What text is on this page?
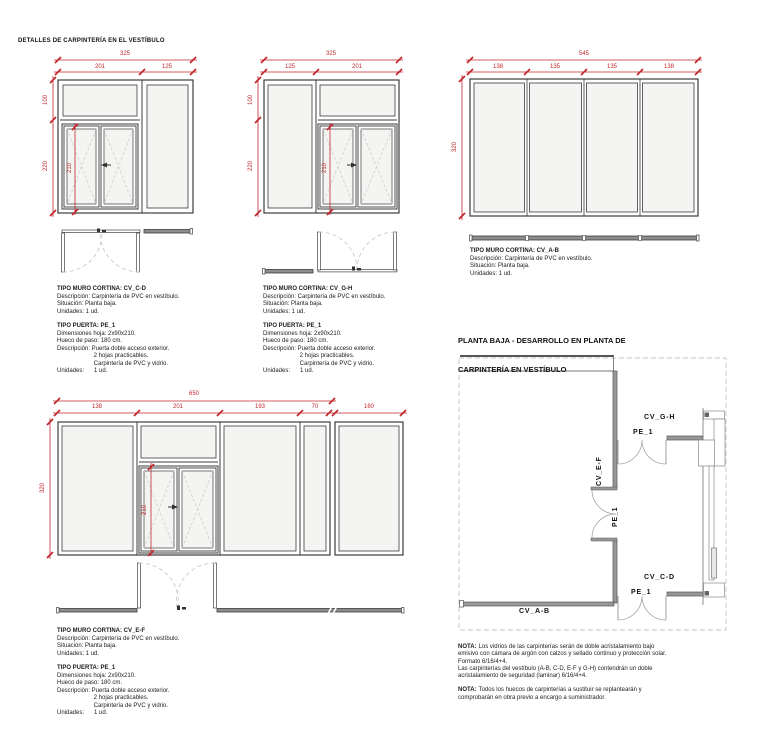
DETALLES DE CARPINTERÍA EN EL VESTÍBULO
325
201	125
100
220	210
325
125	201
100
220	210
545
138	135	135	138
320
650
138	201	193	70	160
320
210
TIPO MURO CORTINA: CV_C-D
Descripción: Carpintería de PVC en vestíbulo.
Situación: Planta baja.
Unidades: 1 ud.
TIPO PUERTA: PE_1
Dimensiones hoja: 2x90x210.
Hueco de paso: 180 cm.
Descripción: Puerta doble acceso exterior.
2 hojas practicables.
Carpintería de PVC y vidrio.
Unidades:      1 ud.
TIPO MURO CORTINA: CV_G-H
Descripción: Carpintería de PVC en vestíbulo.
Situación: Planta baja.
Unidades: 1 ud.
TIPO PUERTA: PE_1
Dimensiones hoja: 2x90x210.
Hueco de paso: 180 cm.
Descripción: Puerta doble acceso exterior.
2 hojas practicables.
Carpintería de PVC y vidrio.
Unidades:      1 ud.
TIPO MURO CORTINA: CV_A-B
Descripción: Carpintería de PVC en vestíbulo.
Situación: Planta baja.
Unidades: 1 ud.
TIPO MURO CORTINA: CV_E-F
Descripción: Carpintería de PVC en vestíbulo.
Situación: Planta baja.
Unidades: 1 ud.
TIPO PUERTA: PE_1
Dimensiones hoja: 2x90x210.
Hueco de paso: 180 cm.
Descripción: Puerta doble acceso exterior.
2 hojas practicables.
Carpintería de PVC y vidrio.
Unidades:      1 ud.

PLANTA BAJA - DESARROLLO EN PLANTA DE

CARPINTERÍA EN VESTÍBULO

CV_G-H
PE_1
CV_E-F
PE_1
CV_C-D
PE_1
CV_A-B

NOTA: Los vidrios de las carpinterías serán de doble acristalamiento bajo emisivo con cámara de argón con calzos y sellado continuo y protección solar. Formato 6/16/4+4.

Las carpinterías del vestíbulo (A-B, C-D, E-F y G-H) contendrán un doble acristalamiento de seguridad (laminar) 6/16/4+4.

NOTA: Todos los huecos de carpinterías a sustituir se replantearán y comprobarán en obra previo a encargo a suministrador.
